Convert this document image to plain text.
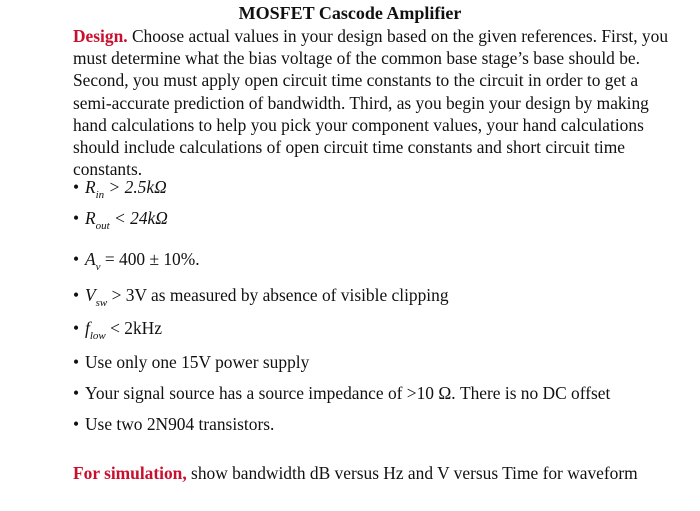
MOSFET Cascode Amplifier
Design. Choose actual values in your design based on the given references. First, you must determine what the bias voltage of the common base stage’s base should be. Second, you must apply open circuit time constants to the circuit in order to get a semi-accurate prediction of bandwidth. Third, as you begin your design by making hand calculations to help you pick your component values, your hand calculations should include calculations of open circuit time constants and short circuit time constants.
• $R_{in} > 2.5k\Omega$
• $R_{out} < 24k\Omega$
• $A_v = 400 \pm 10\%$.
• $V_{sw} > 3V$ as measured by absence of visible clipping
• $f_{low} < 2kHz$
• Use only one 15V power supply
• Your signal source has a source impedance of >10 Ω. There is no DC offset
• Use two 2N904 transistors.
For simulation, show bandwidth dB versus Hz and V versus Time for waveform
